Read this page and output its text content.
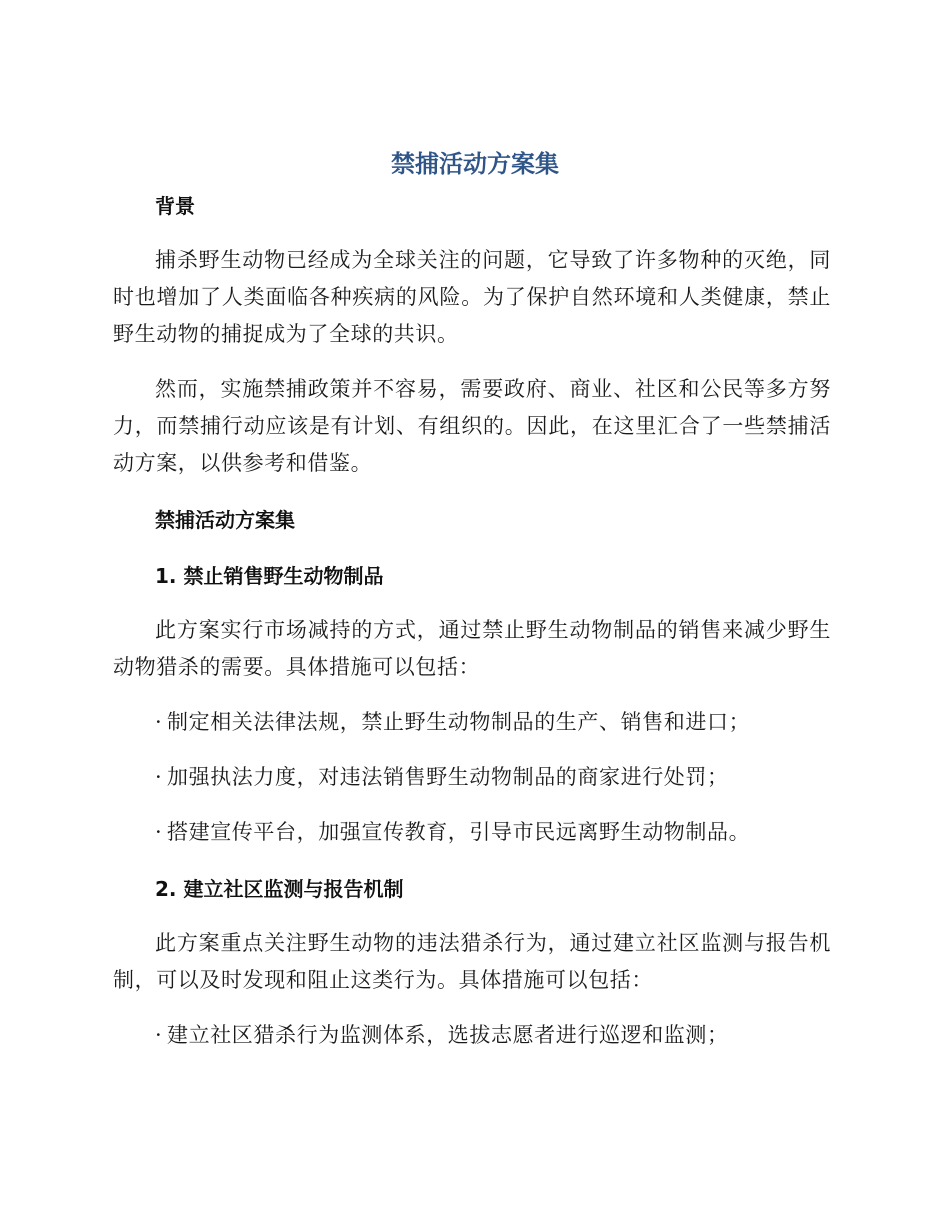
禁捕活动方案集
背景

捕杀野生动物已经成为全球关注的问题，它导致了许多物种的灭绝，同时也增加了人类面临各种疾病的风险。为了保护自然环境和人类健康，禁止野生动物的捕捉成为了全球的共识。

然而，实施禁捕政策并不容易，需要政府、商业、社区和公民等多方努力，而禁捕行动应该是有计划、有组织的。因此，在这里汇合了一些禁捕活动方案，以供参考和借鉴。

禁捕活动方案集
1. 禁止销售野生动物制品

此方案实行市场减持的方式，通过禁止野生动物制品的销售来减少野生动物猎杀的需要。具体措施可以包括：

· 制定相关法律法规，禁止野生动物制品的生产、销售和进口；
· 加强执法力度，对违法销售野生动物制品的商家进行处罚；
· 搭建宣传平台，加强宣传教育，引导市民远离野生动物制品。
2. 建立社区监测与报告机制

此方案重点关注野生动物的违法猎杀行为，通过建立社区监测与报告机制，可以及时发现和阻止这类行为。具体措施可以包括：

· 建立社区猎杀行为监测体系，选拔志愿者进行巡逻和监测；
